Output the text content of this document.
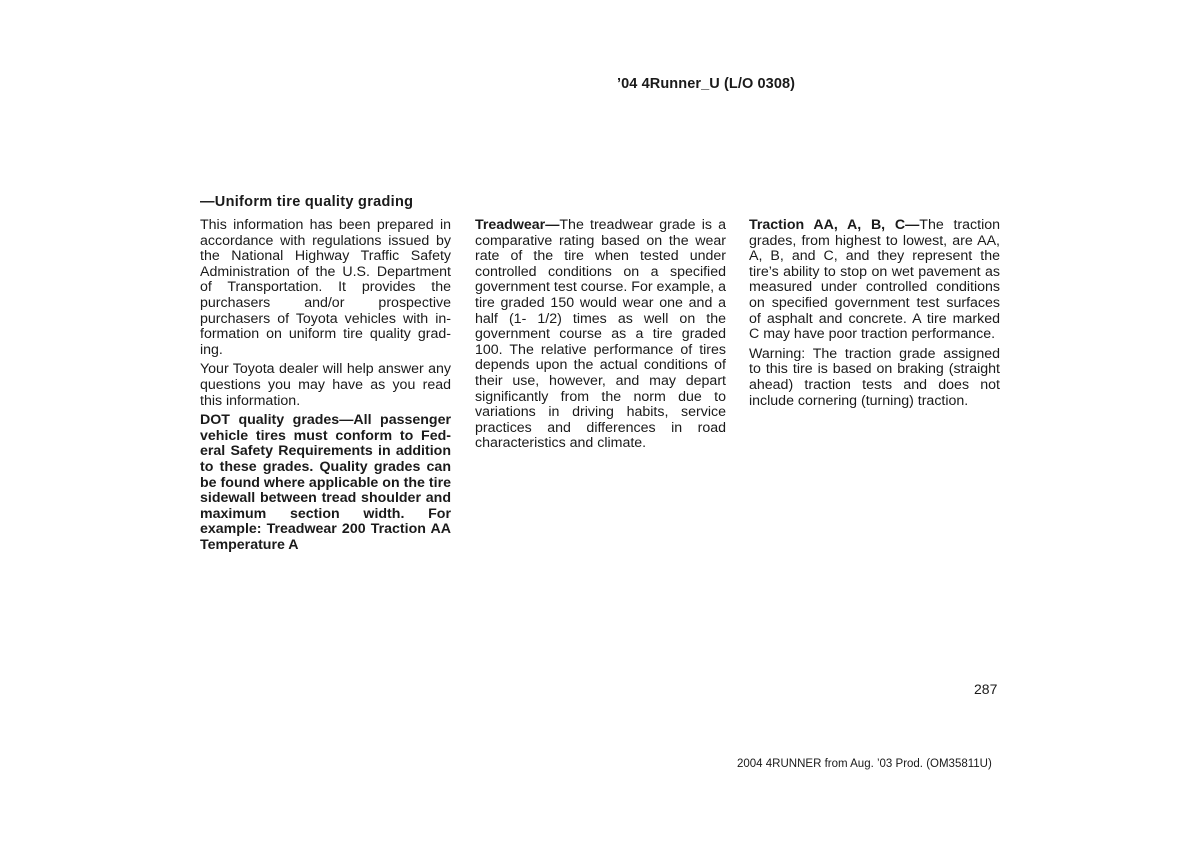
’04 4Runner_U (L/O 0308)
—Uniform tire quality grading

This information has been prepared in accordance with regulations issued by the National Highway Traffic Safety Administration of the U.S. Department of Transportation. It provides the purchasers and/or prospective purchasers of Toyota vehicles with information on uniform tire quality grading.

Your Toyota dealer will help answer any questions you may have as you read this information.

DOT quality grades—All passenger vehicle tires must conform to Federal Safety Requirements in addition to these grades. Quality grades can be found where applicable on the tire sidewall between tread shoulder and maximum section width. For example: Treadwear 200 Traction AA Temperature A

Treadwear—The treadwear grade is a comparative rating based on the wear rate of the tire when tested under controlled conditions on a specified government test course. For example, a tire graded 150 would wear one and a half (1- 1/2) times as well on the government course as a tire graded 100. The relative performance of tires depends upon the actual conditions of their use, however, and may depart significantly from the norm due to variations in driving habits, service practices and differences in road characteristics and climate.

Traction AA, A, B, C—The traction grades, from highest to lowest, are AA, A, B, and C, and they represent the tire’s ability to stop on wet pavement as measured under controlled conditions on specified government test surfaces of asphalt and concrete. A tire marked C may have poor traction performance.

Warning: The traction grade assigned to this tire is based on braking (straight ahead) traction tests and does not include cornering (turning) traction.

287
2004 4RUNNER from Aug. ’03 Prod. (OM35811U)
